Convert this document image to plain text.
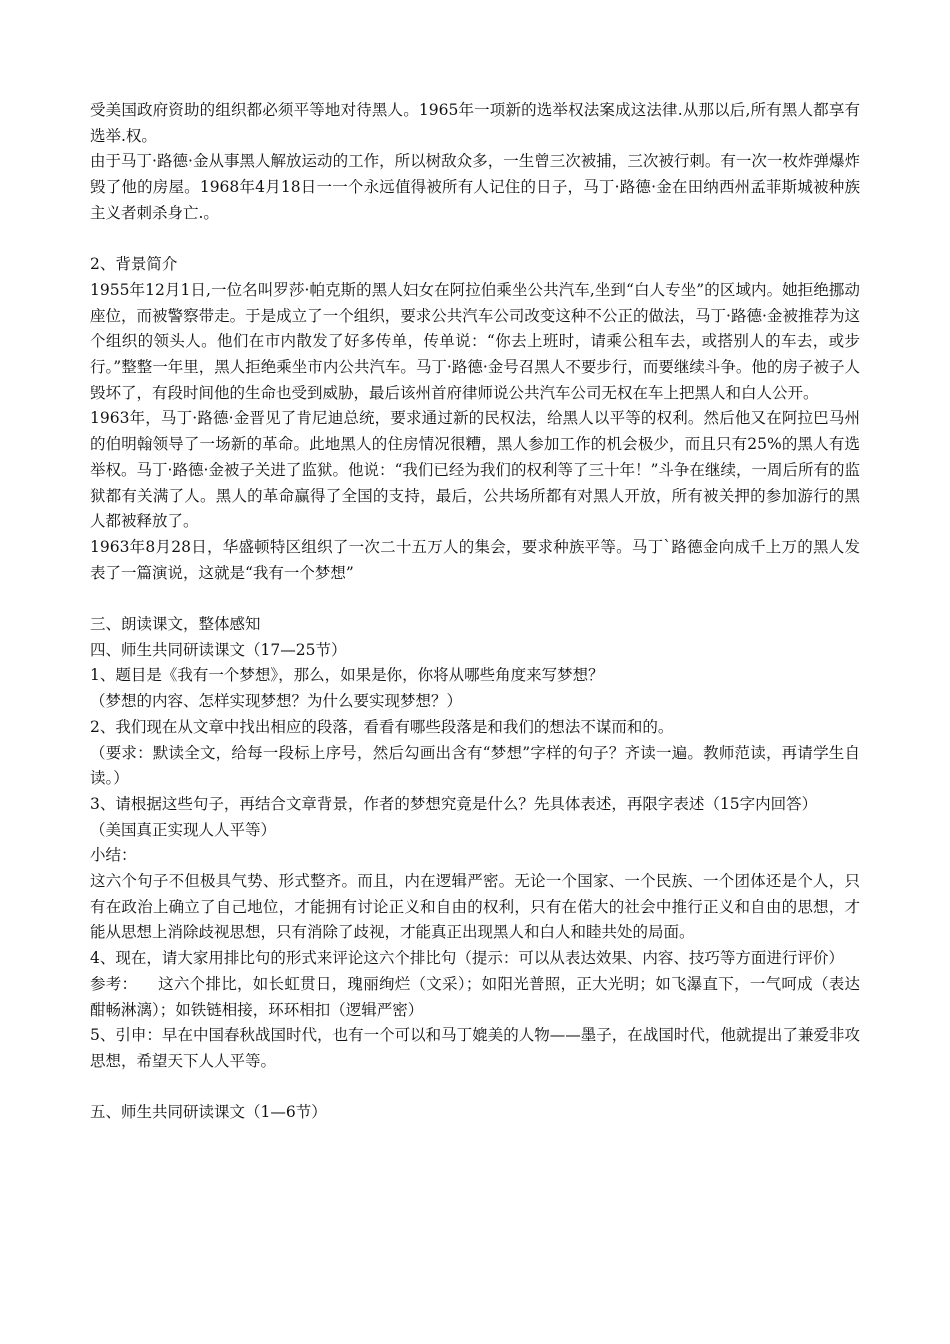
受美国政府资助的组织都必须平等地对待黑人。1965年一项新的选举权法案成这法律.从那以后,所有黑人都享有选举.权。

由于马丁·路德·金从事黑人解放运动的工作，所以树敌众多，一生曾三次被捕，三次被行刺。有一次一枚炸弹爆炸毁了他的房屋。1968年4月18日一一个永远值得被所有人记住的日子，马丁·路德·金在田纳西州孟菲斯城被种族主义者刺杀身亡.。

2、背景简介

1955年12月1日,一位名叫罗莎·帕克斯的黑人妇女在阿拉伯乘坐公共汽车,坐到“白人专坐”的区域内。她拒绝挪动座位，而被警察带走。于是成立了一个组织，要求公共汽车公司改变这种不公正的做法，马丁·路德·金被推荐为这个组织的领头人。他们在市内散发了好多传单，传单说：“你去上班时，请乘公租车去，或搭别人的车去，或步行。”整整一年里，黑人拒绝乘坐市内公共汽车。马丁·路德·金号召黑人不要步行，而要继续斗争。他的房子被子人毁坏了，有段时间他的生命也受到威胁，最后该州首府律师说公共汽车公司无权在车上把黑人和白人公开。

1963年，马丁·路德·金晋见了肯尼迪总统，要求通过新的民权法，给黑人以平等的权利。然后他又在阿拉巴马州的伯明翰领导了一场新的革命。此地黑人的住房情况很糟，黑人参加工作的机会极少，而且只有25%的黑人有选举权。马丁·路德·金被子关进了监狱。他说：“我们已经为我们的权利等了三十年！”斗争在继续，一周后所有的监狱都有关满了人。黑人的革命赢得了全国的支持，最后，公共场所都有对黑人开放，所有被关押的参加游行的黑人都被释放了。

1963年8月28日，华盛顿特区组织了一次二十五万人的集会，要求种族平等。马丁`路德金向成千上万的黑人发表了一篇演说，这就是“我有一个梦想”

三、朗读课文，整体感知

四、师生共同研读课文（17—25节）

1、题目是《我有一个梦想》，那么，如果是你，你将从哪些角度来写梦想？

（梦想的内容、怎样实现梦想？为什么要实现梦想？）

2、我们现在从文章中找出相应的段落，看看有哪些段落是和我们的想法不谋而和的。

（要求：默读全文，给每一段标上序号，然后勾画出含有“梦想”字样的句子？齐读一遍。教师范读，再请学生自读。）

3、请根据这些句子，再结合文章背景，作者的梦想究竟是什么？先具体表述，再限字表述（15字内回答）

（美国真正实现人人平等）

小结：

这六个句子不但极具气势、形式整齐。而且，内在逻辑严密。无论一个国家、一个民族、一个团体还是个人，只有在政治上确立了自己地位，才能拥有讨论正义和自由的权利，只有在偌大的社会中推行正义和自由的思想，才能从思想上消除歧视思想，只有消除了歧视，才能真正出现黑人和白人和睦共处的局面。

4、现在，请大家用排比句的形式来评论这六个排比句（提示：可以从表达效果、内容、技巧等方面进行评价）

参考：    这六个排比，如长虹贯日，瑰丽绚烂（文采）；如阳光普照，正大光明；如飞瀑直下，一气呵成（表达酣畅淋漓）；如铁链相接，环环相扣（逻辑严密）

5、引申：早在中国春秋战国时代，也有一个可以和马丁媲美的人物——墨子，在战国时代，他就提出了兼爱非攻思想，希望天下人人平等。

五、师生共同研读课文（1—6节）
